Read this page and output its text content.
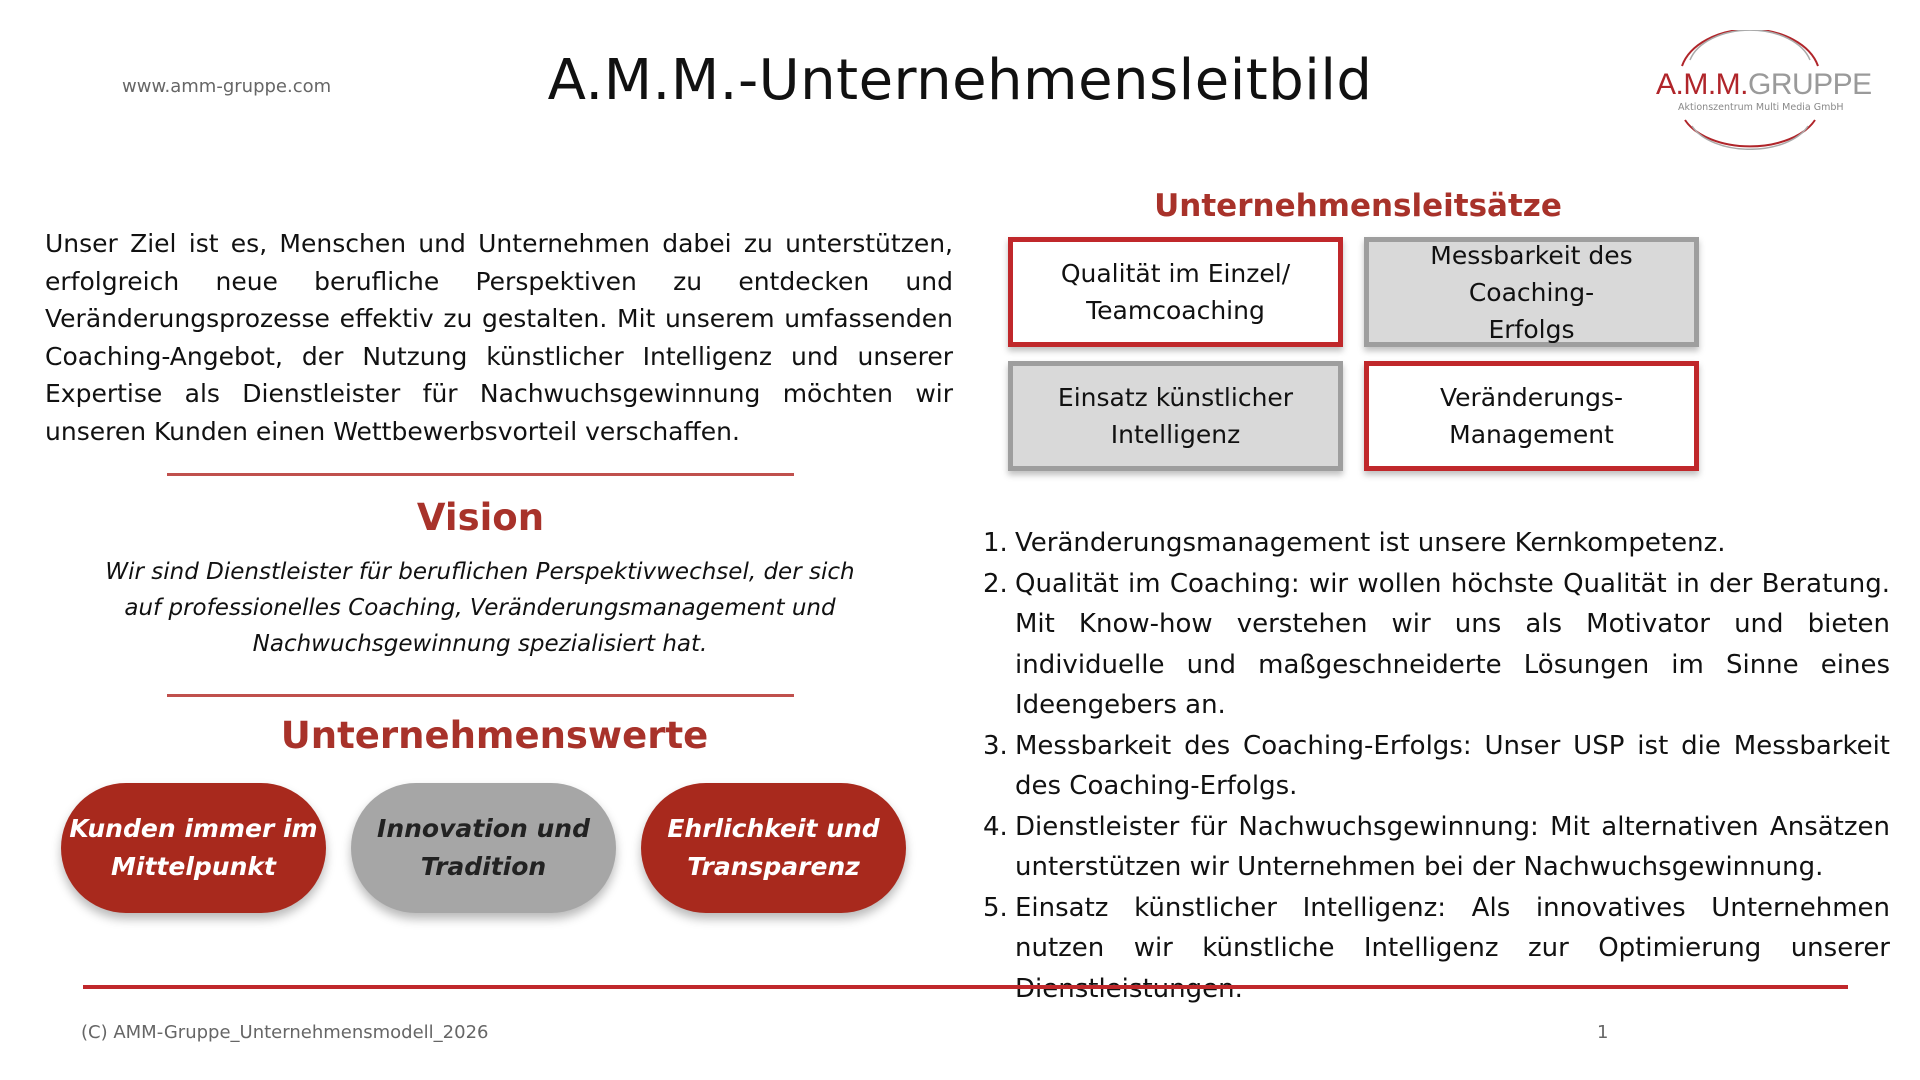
www.amm-gruppe.com	A.M.M.-Unternehmensleitbild	A.M.M.GRUPPE
Aktionszentrum Multi Media GmbH
Unser Ziel ist es, Menschen und Unternehmen dabei zu unterstützen, erfolgreich neue berufliche Perspektiven zu entdecken und Veränderungsprozesse effektiv zu gestalten. Mit unserem umfassenden Coaching-Angebot, der Nutzung künstlicher Intelligenz und unserer Expertise als Dienstleister für Nachwuchsgewinnung möchten wir unseren Kunden einen Wettbewerbsvorteil verschaffen.
Vision
Wir sind Dienstleister für beruflichen Perspektivwechsel, der sich auf professionelles Coaching, Veränderungsmanagement und Nachwuchsgewinnung spezialisiert hat.
Unternehmenswerte
Kunden immer im
Mittelpunkt
Innovation und
Tradition
Ehrlichkeit und
Transparenz
Unternehmensleitsätze
Qualität im Einzel/
Teamcoaching
Messbarkeit des Coaching-
Erfolgs
Einsatz künstlicher
Intelligenz
Veränderungs-
Management
1. Veränderungsmanagement ist unsere Kernkompetenz.
2. Qualität im Coaching: wir wollen höchste Qualität in der Beratung. Mit Know-how verstehen wir uns als Motivator und bieten individuelle und maßgeschneiderte Lösungen im Sinne eines Ideengebers an.
3. Messbarkeit des Coaching-Erfolgs: Unser USP ist die Messbarkeit des Coaching-Erfolgs.
4. Dienstleister für Nachwuchsgewinnung: Mit alternativen Ansätzen unterstützen wir Unternehmen bei der Nachwuchsgewinnung.
5. Einsatz künstlicher Intelligenz: Als innovatives Unternehmen nutzen wir künstliche Intelligenz zur Optimierung unserer
(C) AMM-Gruppe_Unternehmensmodell_2026	1
